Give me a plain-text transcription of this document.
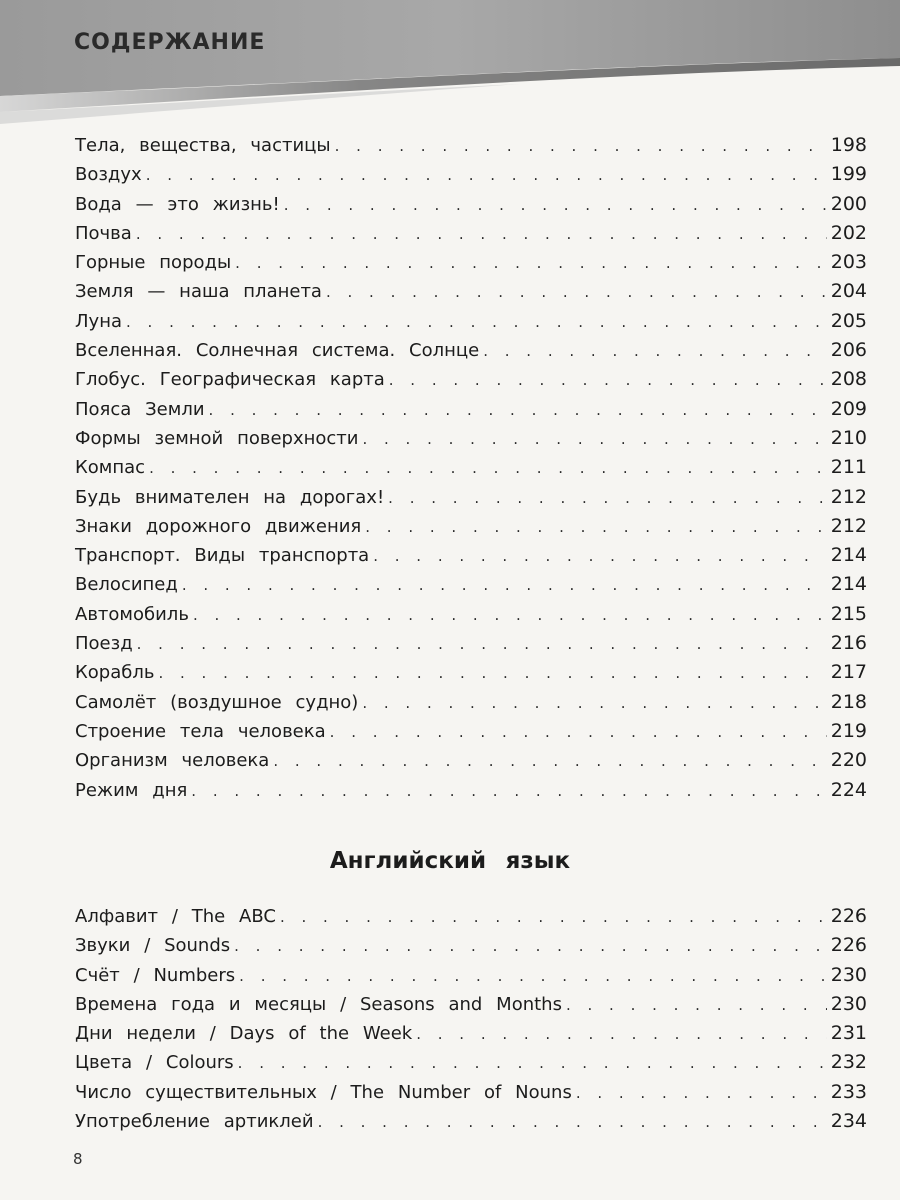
СОДЕРЖАНИЕ
Тела, вещества, частицы . . .	198
Воздух . . .	199
Вода — это жизнь! . . .	200
Почва . . .	202
Горные породы . . .	203
Земля — наша планета . . .	204
Луна . . .	205
Вселенная. Солнечная система. Солнце . . .	206
Глобус. Географическая карта . . .	208
Пояса Земли . . .	209
Формы земной поверхности . . .	210
Компас . . .	211
Будь внимателен на дорогах! . . .	212
Знаки дорожного движения . . .	212
Транспорт. Виды транспорта . . .	214
Велосипед . . .	214
Автомобиль . . .	215
Поезд . . .	216
Корабль . . .	217
Самолёт (воздушное судно) . . .	218
Строение тела человека . . .	219
Организм человека . . .	220
Режим дня . . .	224
Английский язык
Алфавит / The ABC . . .	226
Звуки / Sounds . . .	226
Счёт / Numbers . . .	230
Времена года и месяцы / Seasons and Months . . .	230
Дни недели / Days of the Week . . .	231
Цвета / Colours . . .	232
Число существительных / The Number of Nouns . . .	233
Употребление артиклей . . .	234
8
